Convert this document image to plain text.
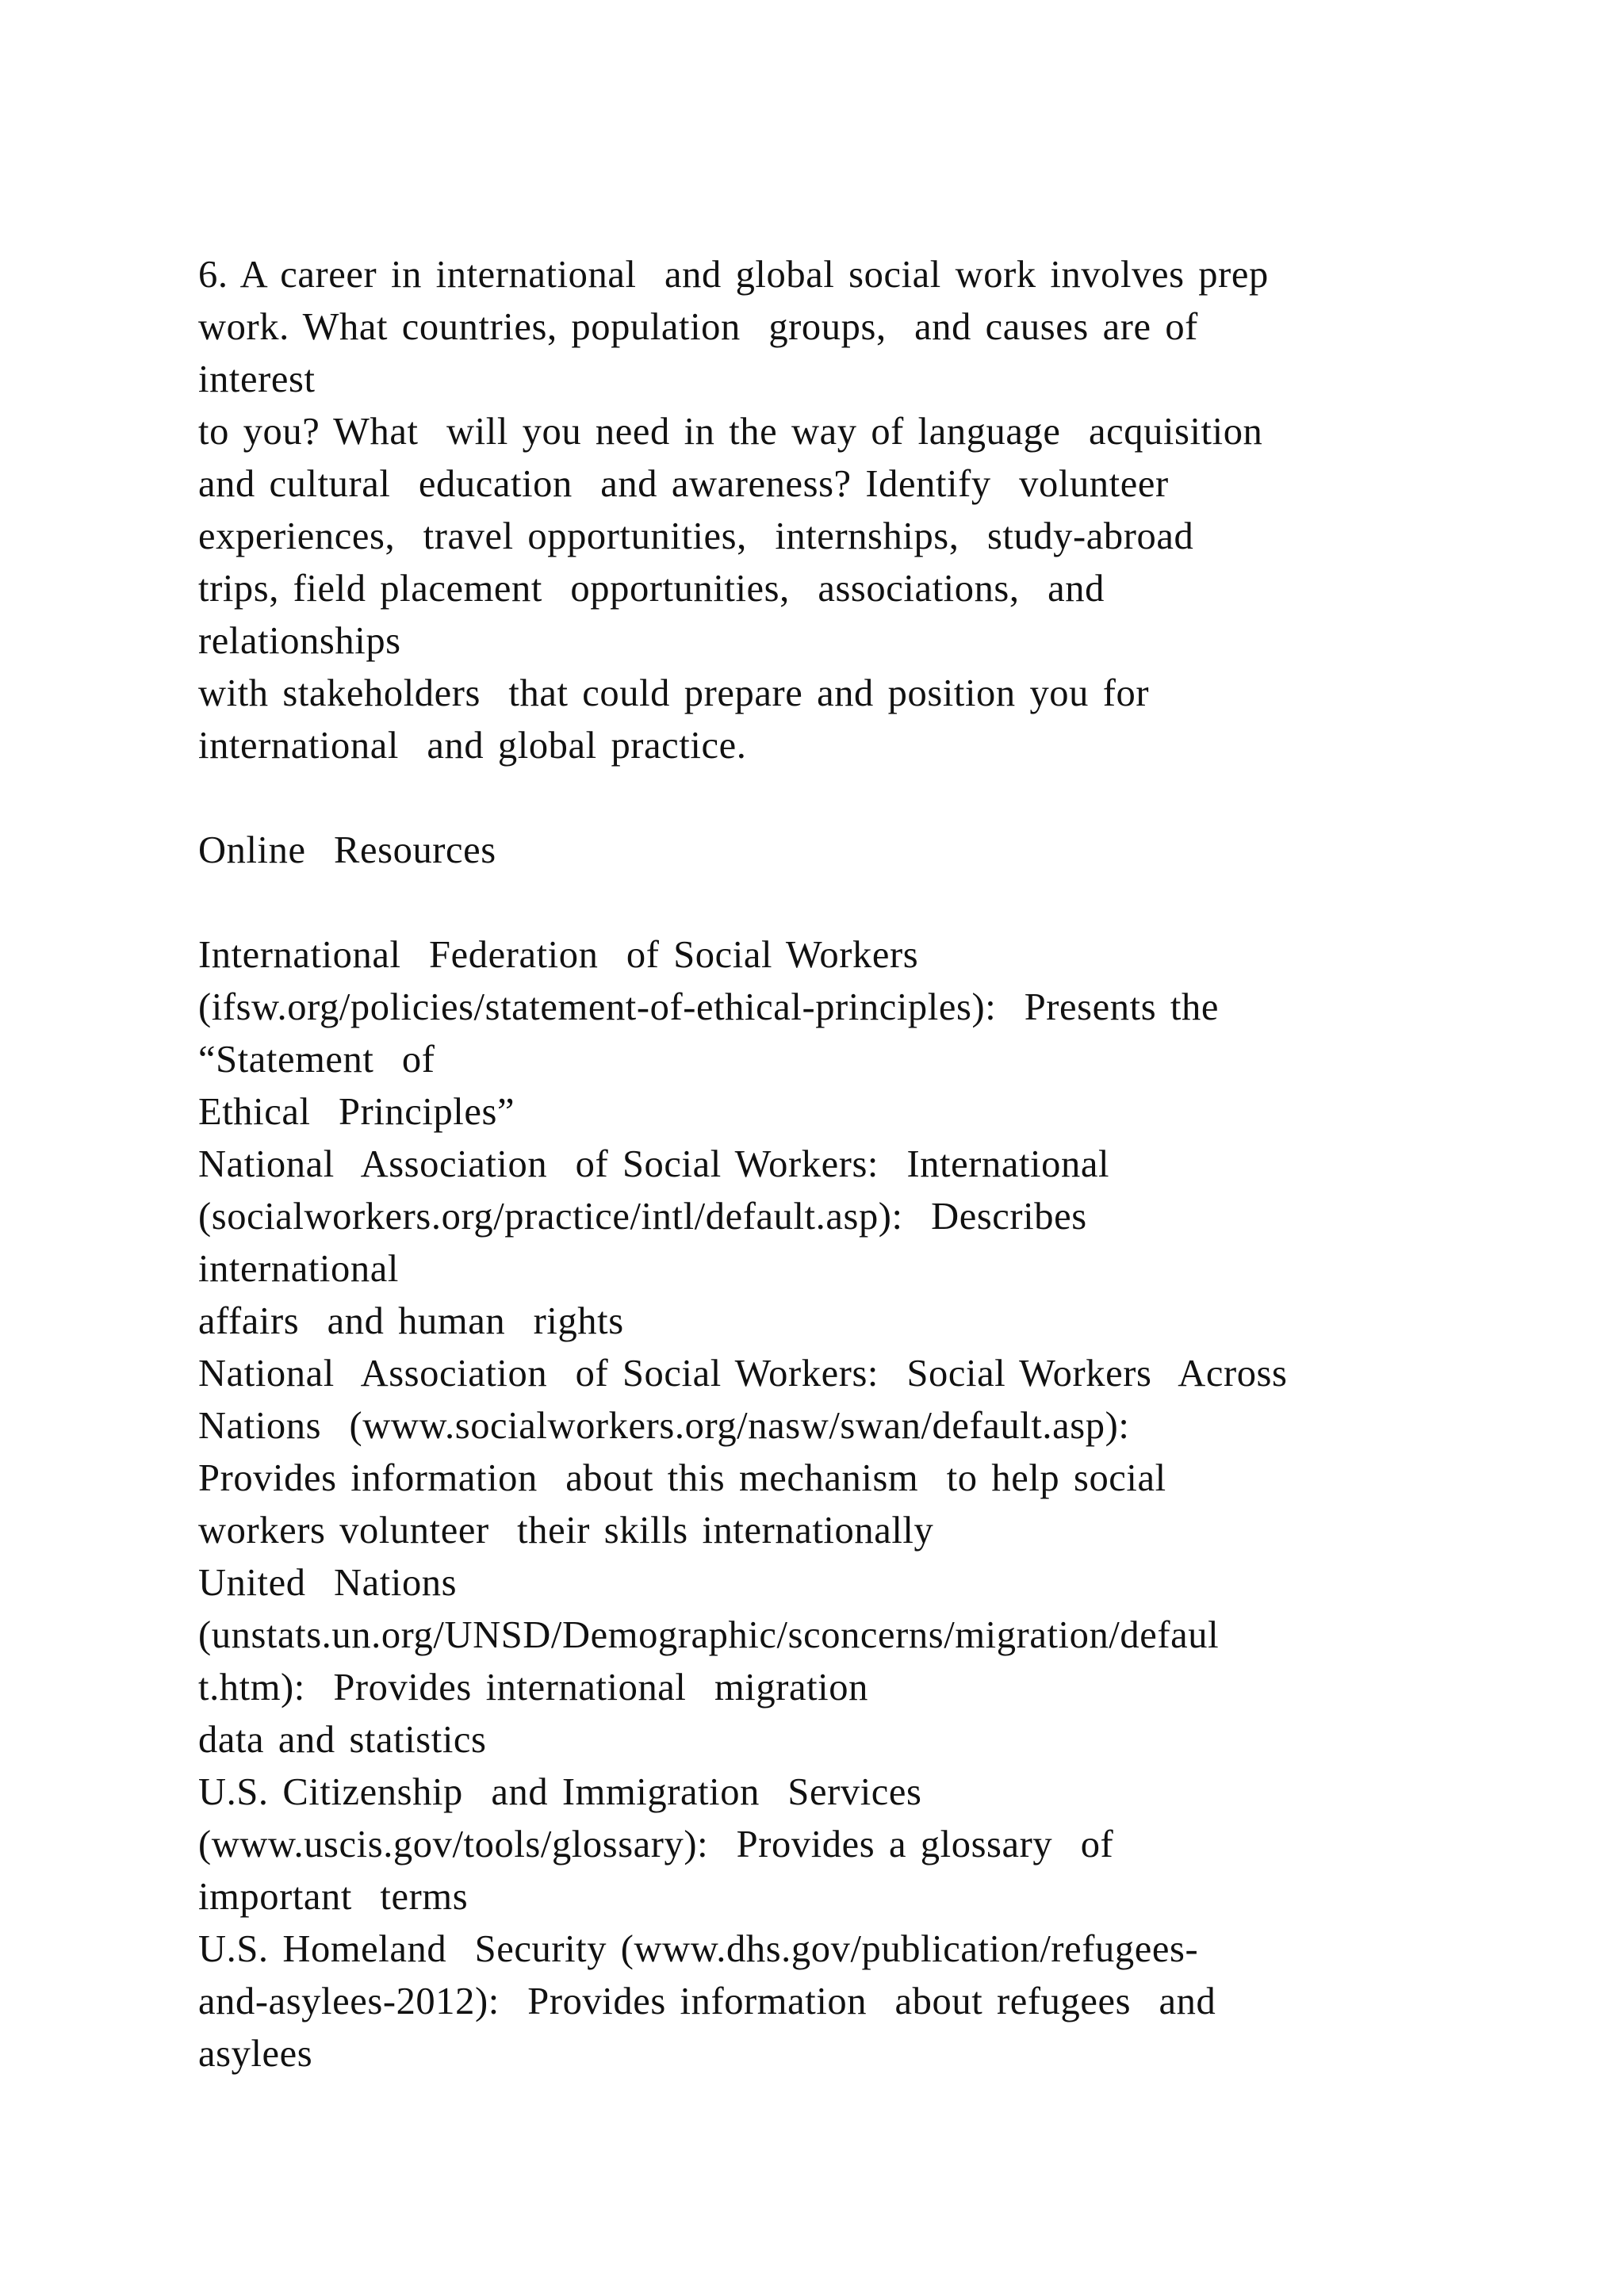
6. A career in international  and global social work involves prep
work. What countries, population  groups,  and causes are of
interest
to you? What  will you need in the way of language  acquisition
and cultural  education  and awareness? Identify  volunteer
experiences,  travel opportunities,  internships,  study-abroad
trips, field placement  opportunities,  associations,  and
relationships
with stakeholders  that could prepare and position you for
international  and global practice.
Online  Resources
International  Federation  of Social Workers
(ifsw.org/policies/statement-of-ethical-principles):  Presents the
“Statement  of
Ethical  Principles”
National  Association  of Social Workers:  International
(socialworkers.org/practice/intl/default.asp):  Describes
international
affairs  and human  rights
National  Association  of Social Workers:  Social Workers  Across
Nations  (www.socialworkers.org/nasw/swan/default.asp):
Provides information  about this mechanism  to help social
workers volunteer  their skills internationally
United  Nations
(unstats.un.org/UNSD/Demographic/sconcerns/migration/defaul
t.htm):  Provides international  migration
data and statistics
U.S. Citizenship  and Immigration  Services
(www.uscis.gov/tools/glossary):  Provides a glossary  of
important  terms
U.S. Homeland  Security (www.dhs.gov/publication/refugees-
and-asylees-2012):  Provides information  about refugees  and
asylees
